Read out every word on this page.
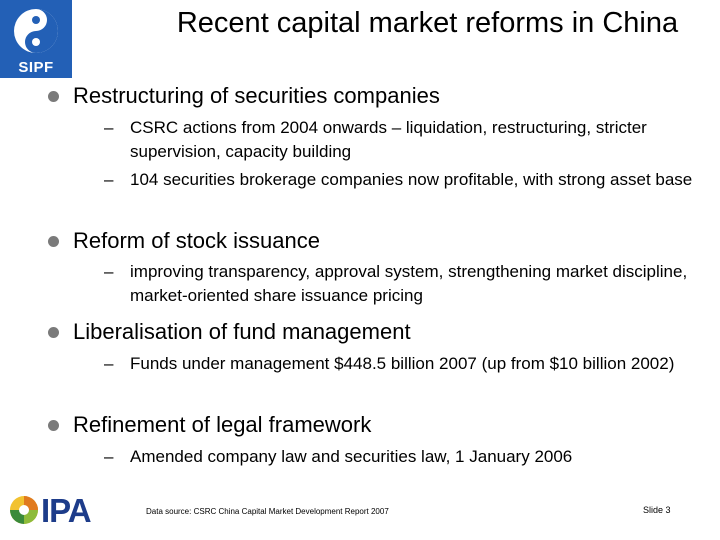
SIPF
Recent capital market reforms in China
Restructuring of securities companies
– CSRC actions from 2004 onwards – liquidation, restructuring, stricter supervision, capacity building
– 104 securities brokerage companies now profitable, with strong asset base
Reform of stock issuance
– improving transparency, approval system, strengthening market discipline, market-oriented share issuance pricing
Liberalisation of fund management
– Funds under management $448.5 billion 2007 (up from $10 billion 2002)
Refinement of legal framework
– Amended company law and securities law, 1 January 2006
IPA	Data source: CSRC China Capital Market Development Report 2007	Slide 3
